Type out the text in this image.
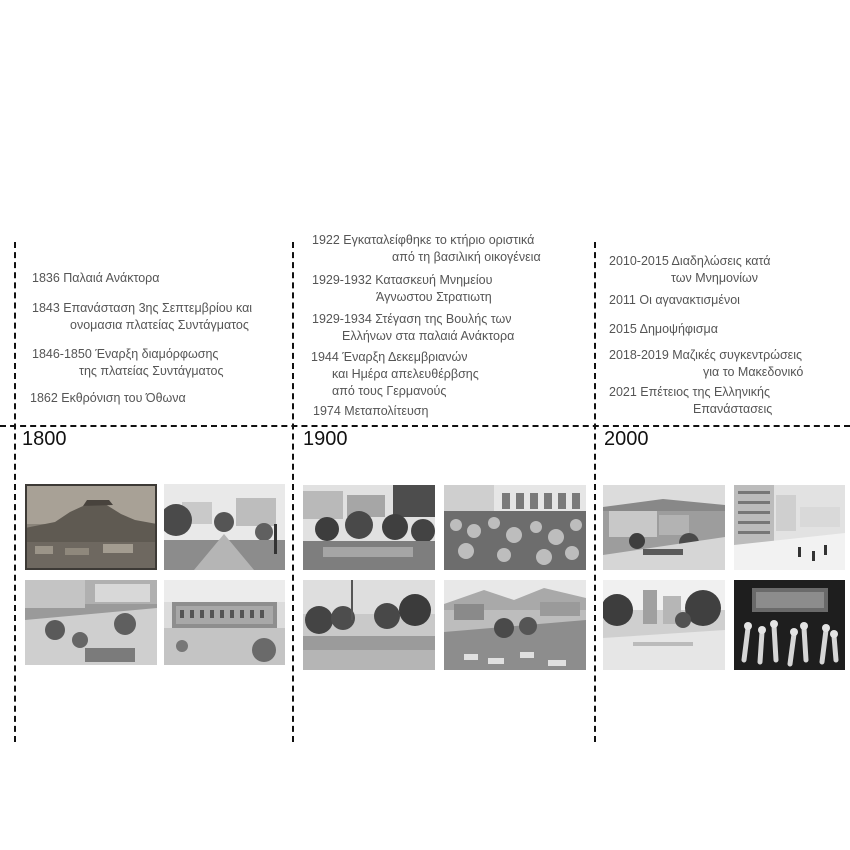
1836 Παλαιά Ανάκτορα
1843 Επανάσταση 3ης Σεπτεμβρίου και
ονομασια πλατείας Συντάγματος
1846-1850 Έναρξη διαμόρφωσης
της πλατείας Συντάγματος
1862 Εκθρόνιση του Όθωνα
1922 Εγκαταλείφθηκε το κτήριο οριστικά
από τη βασιλική οικογένεια
1929-1932 Κατασκευή Μνημείου
Άγνωστου Στρατιωτη
1929-1934 Στέγαση της Βουλής των
Ελλήνων στα παλαιά Ανάκτορα
1944 Έναρξη Δεκεμβριανών
και Ημέρα απελευθέρβσης
από τους Γερμανούς
1974 Μεταπολίτευση
2010-2015 Διαδηλώσεις κατά
των Μνημονίων
2011 Οι αγανακτισμένοι
2015 Δημοψήφισμα
2018-2019 Μαζικές συγκεντρώσεις
για το Μακεδονικό
2021 Επέτειος της Ελληνικής
Επανάστασεις
1800	1900	2000
